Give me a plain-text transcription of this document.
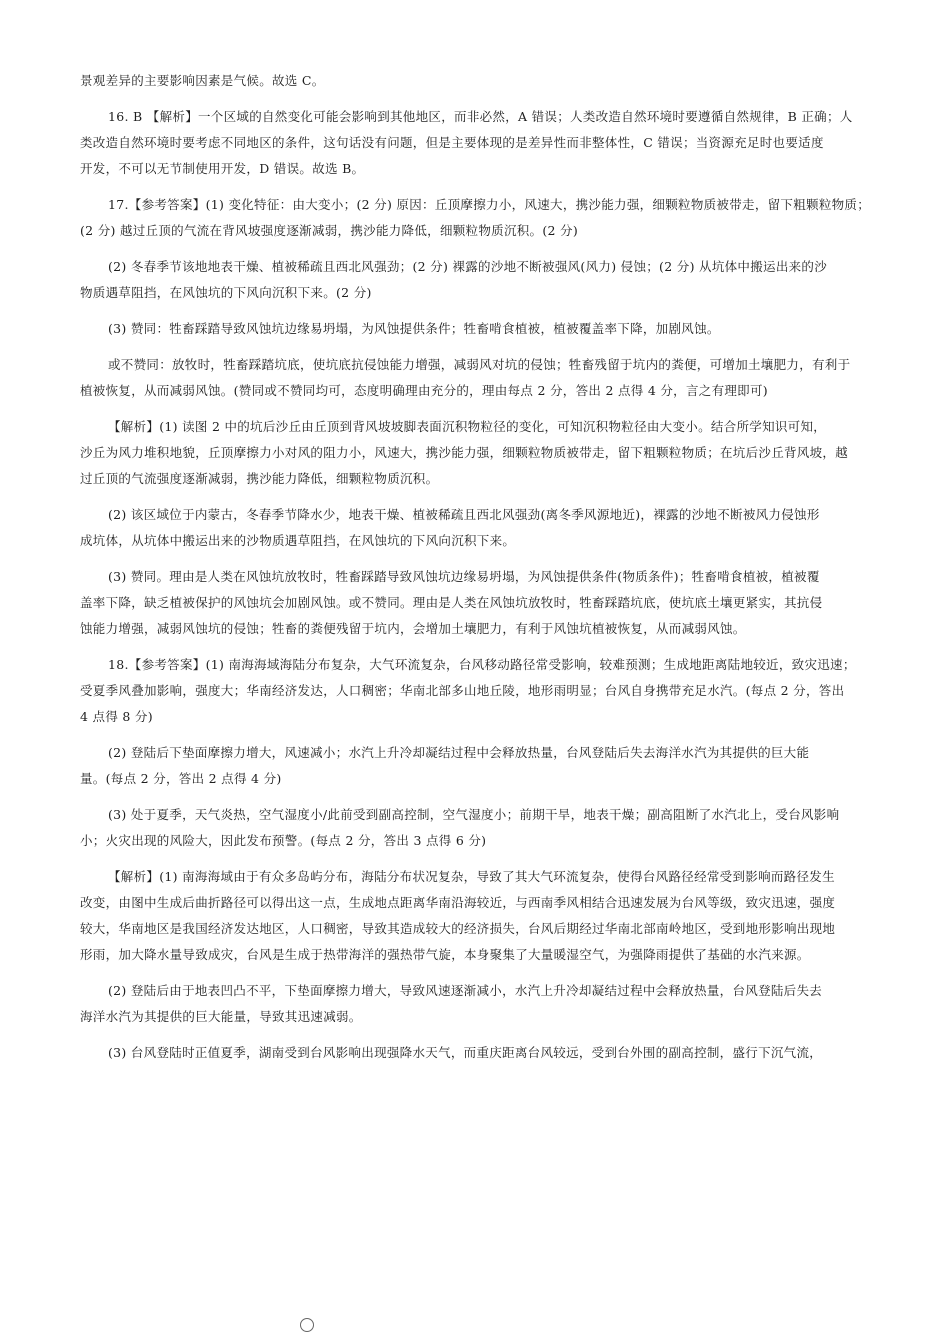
景观差异的主要影响因素是气候。故选 C。
16. B 【解析】一个区域的自然变化可能会影响到其他地区，而非必然，A 错误；人类改造自然环境时要遵循自然规律，B 正确；人
类改造自然环境时要考虑不同地区的条件，这句话没有问题，但是主要体现的是差异性而非整体性，C 错误；当资源充足时也要适度
开发，不可以无节制使用开发，D 错误。故选 B。
17.【参考答案】(1) 变化特征：由大变小；(2 分) 原因：丘顶摩擦力小，风速大，携沙能力强，细颗粒物质被带走，留下粗颗粒物质；
(2 分) 越过丘顶的气流在背风坡强度逐渐减弱，携沙能力降低，细颗粒物质沉积。(2 分)
(2) 冬春季节该地地表干燥、植被稀疏且西北风强劲；(2 分) 裸露的沙地不断被强风(风力) 侵蚀；(2 分) 从坑体中搬运出来的沙
物质遇草阻挡，在风蚀坑的下风向沉积下来。(2 分)
(3) 赞同：牲畜踩踏导致风蚀坑边缘易坍塌，为风蚀提供条件；牲畜啃食植被，植被覆盖率下降，加剧风蚀。
或不赞同：放牧时，牲畜踩踏坑底，使坑底抗侵蚀能力增强，减弱风对坑的侵蚀；牲畜残留于坑内的粪便，可增加土壤肥力，有利于
植被恢复，从而减弱风蚀。(赞同或不赞同均可，态度明确理由充分的，理由每点 2 分，答出 2 点得 4 分，言之有理即可)
【解析】(1) 读图 2 中的坑后沙丘由丘顶到背风坡坡脚表面沉积物粒径的变化，可知沉积物粒径由大变小。结合所学知识可知，
沙丘为风力堆积地貌，丘顶摩擦力小对风的阻力小，风速大，携沙能力强，细颗粒物质被带走，留下粗颗粒物质；在坑后沙丘背风坡，越
过丘顶的气流强度逐渐减弱，携沙能力降低，细颗粒物质沉积。
(2) 该区域位于内蒙古，冬春季节降水少，地表干燥、植被稀疏且西北风强劲(离冬季风源地近)，裸露的沙地不断被风力侵蚀形
成坑体，从坑体中搬运出来的沙物质遇草阻挡，在风蚀坑的下风向沉积下来。
(3) 赞同。理由是人类在风蚀坑放牧时，牲畜踩踏导致风蚀坑边缘易坍塌，为风蚀提供条件(物质条件)；牲畜啃食植被，植被覆
盖率下降，缺乏植被保护的风蚀坑会加剧风蚀。或不赞同。理由是人类在风蚀坑放牧时，牲畜踩踏坑底，使坑底土壤更紧实，其抗侵
蚀能力增强，减弱风蚀坑的侵蚀；牲畜的粪便残留于坑内，会增加土壤肥力，有利于风蚀坑植被恢复，从而减弱风蚀。
18.【参考答案】(1) 南海海域海陆分布复杂，大气环流复杂，台风移动路径常受影响，较难预测；生成地距离陆地较近，致灾迅速；
受夏季风叠加影响，强度大；华南经济发达，人口稠密；华南北部多山地丘陵，地形雨明显；台风自身携带充足水汽。(每点 2 分，答出
4 点得 8 分)
(2) 登陆后下垫面摩擦力增大，风速减小；水汽上升冷却凝结过程中会释放热量，台风登陆后失去海洋水汽为其提供的巨大能
量。(每点 2 分，答出 2 点得 4 分)
(3) 处于夏季，天气炎热，空气湿度小/此前受到副高控制，空气湿度小；前期干旱，地表干燥；副高阻断了水汽北上，受台风影响
小；火灾出现的风险大，因此发布预警。(每点 2 分，答出 3 点得 6 分)
【解析】(1) 南海海域由于有众多岛屿分布，海陆分布状况复杂，导致了其大气环流复杂，使得台风路径经常受到影响而路径发生
改变，由图中生成后曲折路径可以得出这一点，生成地点距离华南沿海较近，与西南季风相结合迅速发展为台风等级，致灾迅速，强度
较大，华南地区是我国经济发达地区，人口稠密，导致其造成较大的经济损失，台风后期经过华南北部南岭地区，受到地形影响出现地
形雨，加大降水量导致成灾，台风是生成于热带海洋的强热带气旋，本身聚集了大量暖湿空气，为强降雨提供了基础的水汽来源。
(2) 登陆后由于地表凹凸不平，下垫面摩擦力增大，导致风速逐渐减小，水汽上升冷却凝结过程中会释放热量，台风登陆后失去
海洋水汽为其提供的巨大能量，导致其迅速减弱。
(3) 台风登陆时正值夏季，湖南受到台风影响出现强降水天气，而重庆距离台风较远，受到台外围的副高控制，盛行下沉气流，
